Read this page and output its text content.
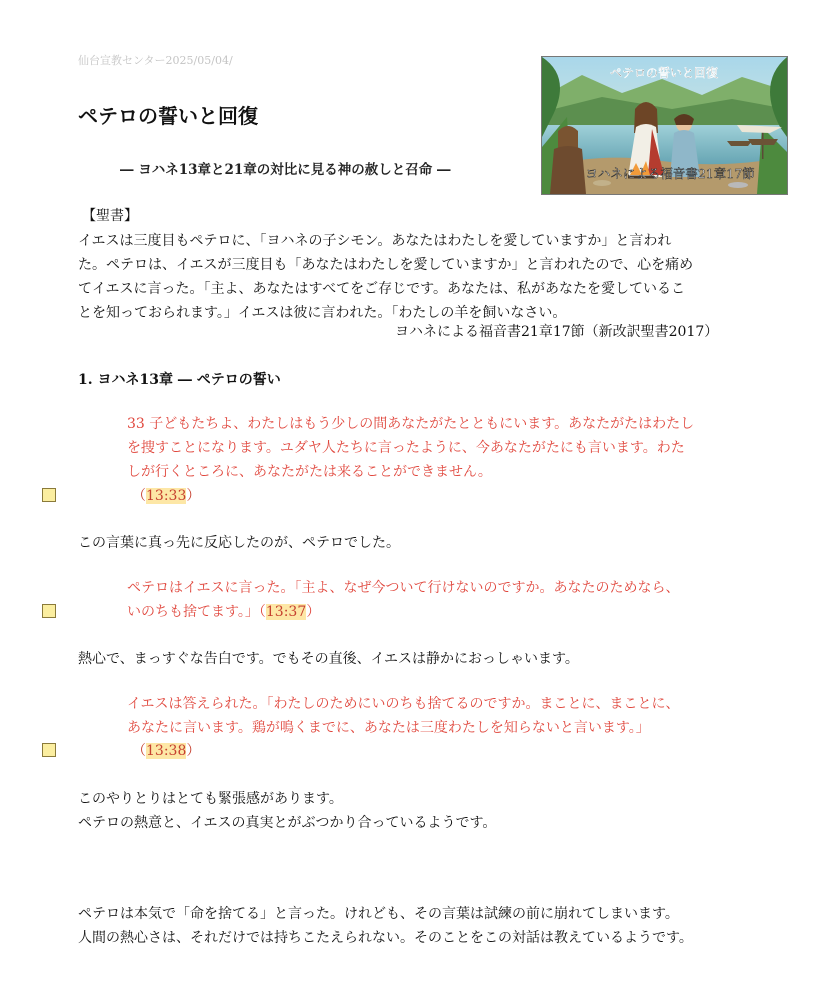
仙台宣教センター2025/05/04/
ペテロの誓いと回復
ヨハネによる福音書21章17節
ペテロの誓いと回復
― ヨハネ13章と21章の対比に見る神の赦しと召命 ―
【聖書】
イエスは三度目もペテロに、「ヨハネの子シモン。あなたはわたしを愛していますか」と言われ
た。ペテロは、イエスが三度目も「あなたはわたしを愛していますか」と言われたので、心を痛め
てイエスに言った。「主よ、あなたはすべてをご存じです。あなたは、私があなたを愛しているこ
とを知っておられます。」イエスは彼に言われた。「わたしの羊を飼いなさい。
ヨハネによる福音書21章17節（新改訳聖書2017）
1. ヨハネ13章 ― ペテロの誓い
33 子どもたちよ、わたしはもう少しの間あなたがたとともにいます。あなたがたはわたし
を捜すことになります。ユダヤ人たちに言ったように、今あなたがたにも言います。わた
しが行くところに、あなたがたは来ることができません。
（13:33）
この言葉に真っ先に反応したのが、ペテロでした。
ペテロはイエスに言った。「主よ、なぜ今ついて行けないのですか。あなたのためなら、
いのちも捨てます。」（13:37）
熱心で、まっすぐな告白です。でもその直後、イエスは静かにおっしゃいます。
イエスは答えられた。「わたしのためにいのちも捨てるのですか。まことに、まことに、
あなたに言います。鶏が鳴くまでに、あなたは三度わたしを知らないと言います。」
（13:38）
このやりとりはとても緊張感があります。
ペテロの熱意と、イエスの真実とがぶつかり合っているようです。
ペテロは本気で「命を捨てる」と言った。けれども、その言葉は試練の前に崩れてしまいます。
人間の熱心さは、それだけでは持ちこたえられない。そのことをこの対話は教えているようです。
